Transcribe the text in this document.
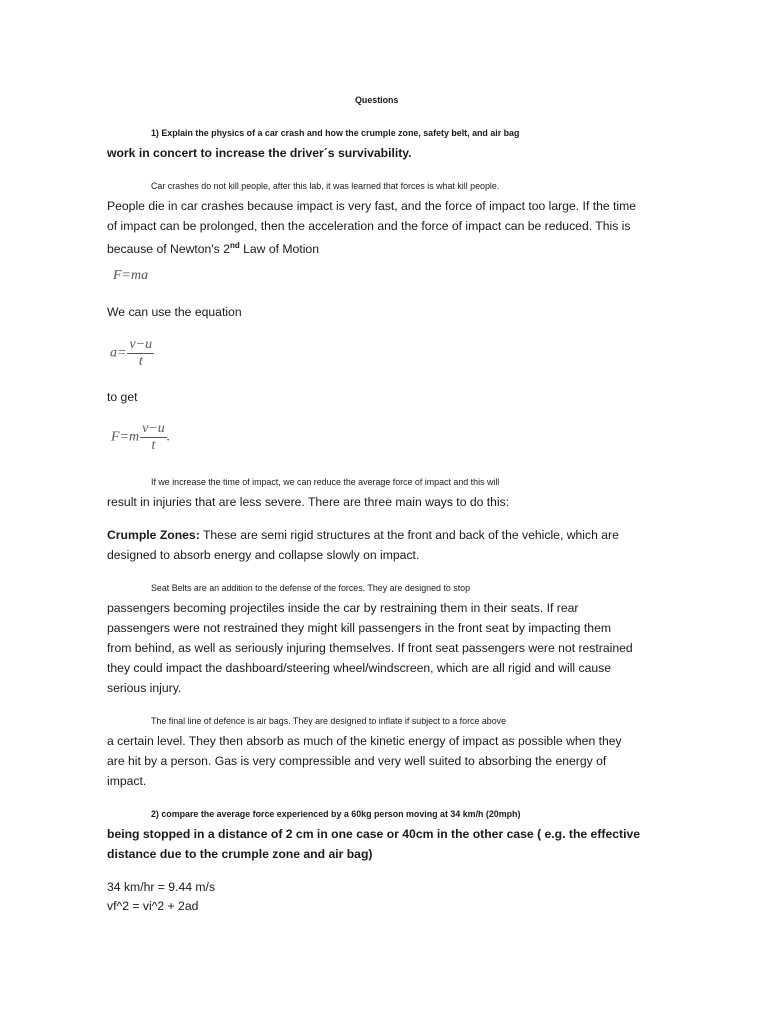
Questions
1) Explain the physics of a car crash and how the crumple zone, safety belt, and air bag
work in concert to increase the driver´s survivability.
Car crashes do not kill people, after this lab, it was learned that forces is what kill people.
People die in car crashes because impact is very fast, and the force of impact too large. If the time
of impact can be prolonged, then the acceleration and the force of impact can be reduced. This is
because of Newton's 2nd Law of Motion
F=ma
We can use the equation
$a= \frac{v-u}{t}$
to get
$F=m \frac{v-u}{t}$ .
If we increase the time of impact, we can reduce the average force of impact and this will
result in injuries that are less severe. There are three main ways to do this:
Crumple Zones: These are semi rigid structures at the front and back of the vehicle, which are
designed to absorb energy and collapse slowly on impact.
Seat Belts are an addition to the defense of the forces. They are designed to stop
passengers becoming projectiles inside the car by restraining them in their seats. If rear
passengers were not restrained they might kill passengers in the front seat by impacting them
from behind, as well as seriously injuring themselves. If front seat passengers were not restrained
they could impact the dashboard/steering wheel/windscreen, which are all rigid and will cause
serious injury.
The final line of defence is air bags. They are designed to inflate if subject to a force above
a certain level. They then absorb as much of the kinetic energy of impact as possible when they
are hit by a person. Gas is very compressible and very well suited to absorbing the energy of
impact.
2) compare the average force experienced by a 60kg person moving at 34 km/h (20mph)
being stopped in a distance of 2 cm in one case or 40cm in the other case ( e.g. the effective
distance due to the crumple zone and air bag)
34 km/hr = 9.44 m/s
vf^2 = vi^2 + 2ad
